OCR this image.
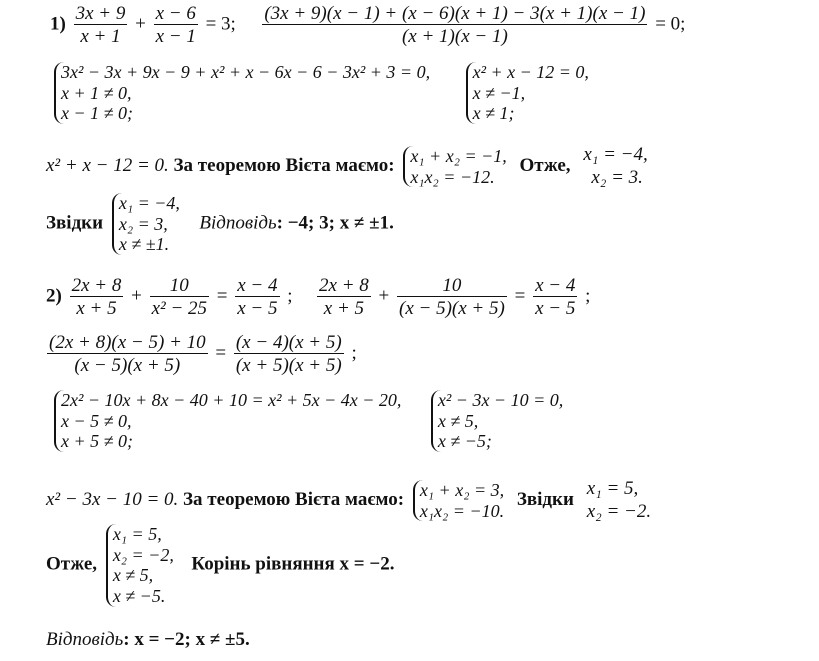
$1) \frac{3x + 9}{x + 1} + \frac{x - 6}{x - 1} = 3$; $\frac{(3x + 9)(x - 1) + (x - 6)(x + 1) - 3(x + 1)(x - 1)}{(x + 1)(x - 1)} = 0$;
3x² − 3x + 9x − 9 + x² + x − 6x − 6 − 3x² + 3 = 0,
x + 1 ≠ 0,
x − 1 ≠ 0;

x² + x − 12 = 0,
x ≠ −1,
x ≠ 1;
x² + x − 12 = 0. За теоремою Вієта маємо: x₁ + x₂ = −1,
x₁x₂ = −12.
Отже,
x₁ = −4,
x₂ = 3.
Звідки
x₁ = −4,
x₂ = 3,
x ≠ ±1.
Відповідь: −4; 3; x ≠ ±1.
$2) \frac{2x + 8}{x + 5} + \frac{10}{\text{x² − 25}} = \frac{x - 4}{x - 5}$ ; $\frac{2x + 8}{x + 5} + \frac{10}{(x - 5)(x + 5)} = \frac{x - 4}{x - 5}$ ;
$\frac{(2x + 8)(x - 5) + 10}{(x - 5)(x + 5)} = \frac{(x - 4)(x + 5)}{(x + 5)(x + 5)}$ ;
2x² − 10x + 8x − 40 + 10 = x² + 5x − 4x − 20,
x − 5 ≠ 0,
x + 5 ≠ 0;

x² − 3x − 10 = 0,
x ≠ 5,
x ≠ −5;
x² − 3x − 10 = 0. За теоремою Вієта маємо: x₁ + x₂ = 3,
x₁x₂ = −10.
Звідки
x₁ = 5,
x₂ = −2.
Отже,
x₁ = 5,
x₂ = −2,
x ≠ 5,
x ≠ −5.
Корінь рівняння x = −2.
Відповідь: x = −2; x ≠ ±5.
